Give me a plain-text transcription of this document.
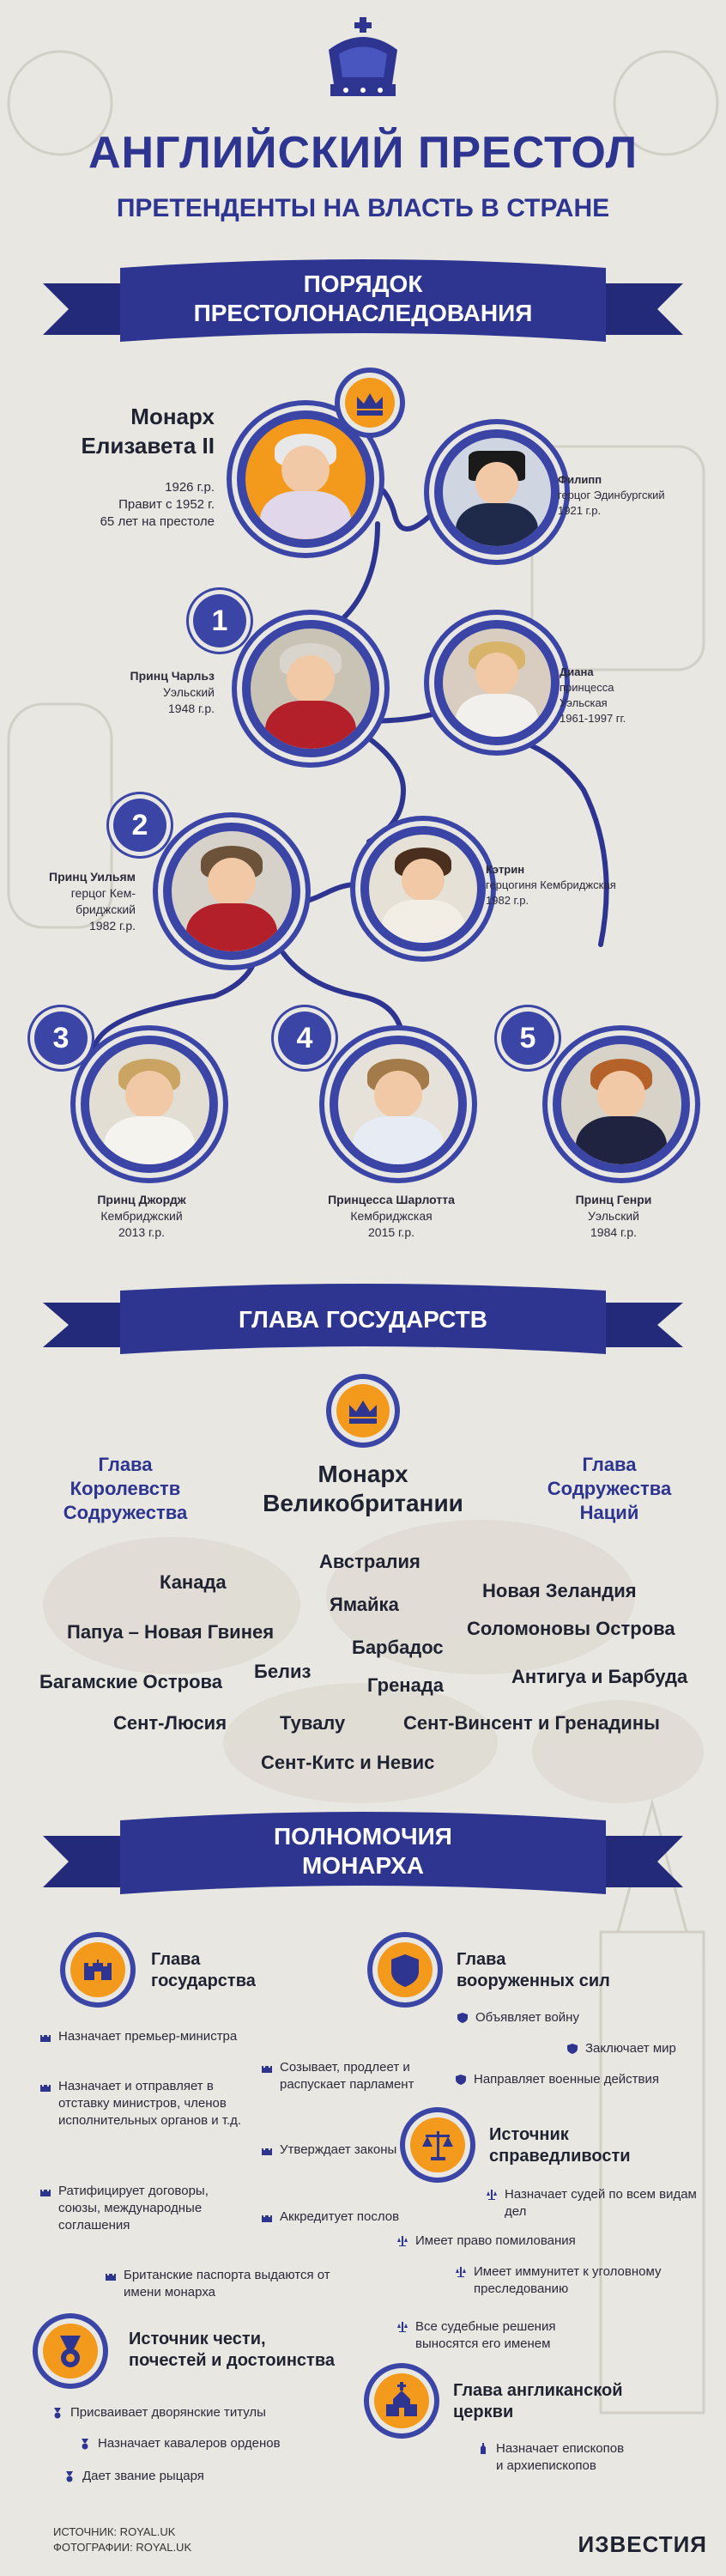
АНГЛИЙСКИЙ ПРЕСТОЛ
ПРЕТЕНДЕНТЫ НА ВЛАСТЬ В СТРАНЕ
ПОРЯДОК
ПРЕСТОЛОНАСЛЕДОВАНИЯ
Монарх
Елизавета II
1926 г.р.
Правит с 1952 г.
65 лет на престоле
Филипп
герцог Эдинбургский
1921 г.р.
1
Принц Чарльз
Уэльский
1948 г.р.
Диана
принцесса
Уэльская
1961-1997 гг.
2
Принц Уильям
герцог Кем-
бриджский
1982 г.р.
Кэтрин
герцогиня Кембриджская
1982 г.р.
3
Принц Джордж
Кембриджский
2013 г.р.
4
Принцесса Шарлотта
Кембриджская
2015 г.р.
5
Принц Генри
Уэльский
1984 г.р.
ГЛАВА ГОСУДАРСТВ
Глава
Королевств
Содружества
Монарх
Великобритании
Глава
Содружества
Наций
Австралия
Канада	Новая Зеландия
Ямайка
Папуа – Новая Гвинея	Соломоновы Острова
Барбадос
Багамские Острова Белиз
Гренада	Антигуа и Барбуда
Сент-Люсия	Тувалу	Сент-Винсент и Гренадины
Сент-Китс и Невис
ПОЛНОМОЧИЯ
МОНАРХА
Глава
государства
Назначает премьер-министра
Назначает и отправляет в отставку министров, членов исполнительных органов и т.д.
Ратифицирует договоры, союзы, международные соглашения
Созывает, продлеет и распускает парламент
Утверждает законы
Аккредитует послов
Британские паспорта выдаются от имени монарха
Глава
вооруженных сил
Объявляет войну
Заключает мир
Направляет военные действия
Источник
справедливости
Назначает судей по всем видам дел
Имеет право помилования
Имеет иммунитет к уголовному преследованию
Все судебные решения выносятся его именем
Источник чести,
почестей и достоинства
Присваивает дворянские титулы
Назначает кавалеров орденов
Дает звание рыцаря
Глава англиканской
церкви
Назначает епископов
и архиепископов
ИСТОЧНИК: ROYAL.UK
ФОТОГРАФИИ: ROYAL.UK	ИЗВЕСТИЯ
